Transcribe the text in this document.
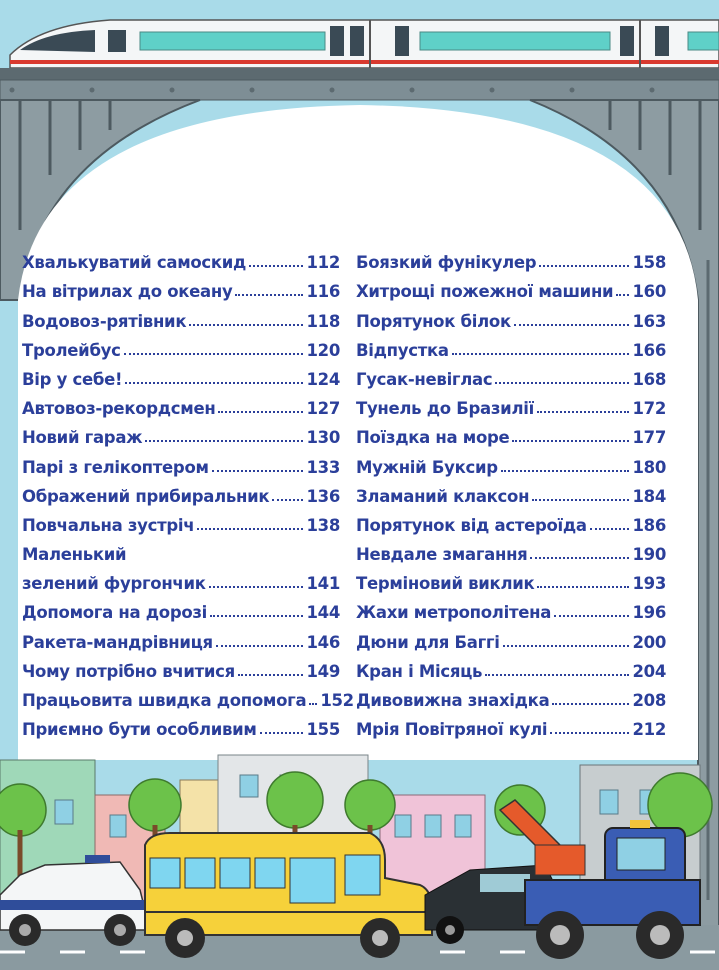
Хвалькуватий самоскид	112
На вітрилах до океану	116
Водовоз-рятівник	118
Тролейбус	120
Вір у себе!	124
Автовоз-рекордсмен	127
Новий гараж	130
Парі з гелікоптером	133
Ображений прибиральник 136
Повчальна зустріч	138
Маленький
зелений фургончик	141
Допомога на дорозі	144
Ракета-мандрівниця	146
Чому потрібно вчитися	149
Працьовита швидка допомога 152
Приємно бути особливим	155
Боязкий фунікулер	158
Хитрощі пожежної машини 160
Порятунок білок	163
Відпустка	166
Гусак-невіглас	168
Тунель до Бразилії	172
Поїздка на море	177
Мужній Буксир	180
Зламаний клаксон	184
Порятунок від астероїда	186
Невдале змагання	190
Терміновий виклик	193
Жахи метрополітена	196
Дюни для Баггі	200
Кран і Місяць	204
Дивовижна знахідка	208
Мрія Повітряної кулі	212
